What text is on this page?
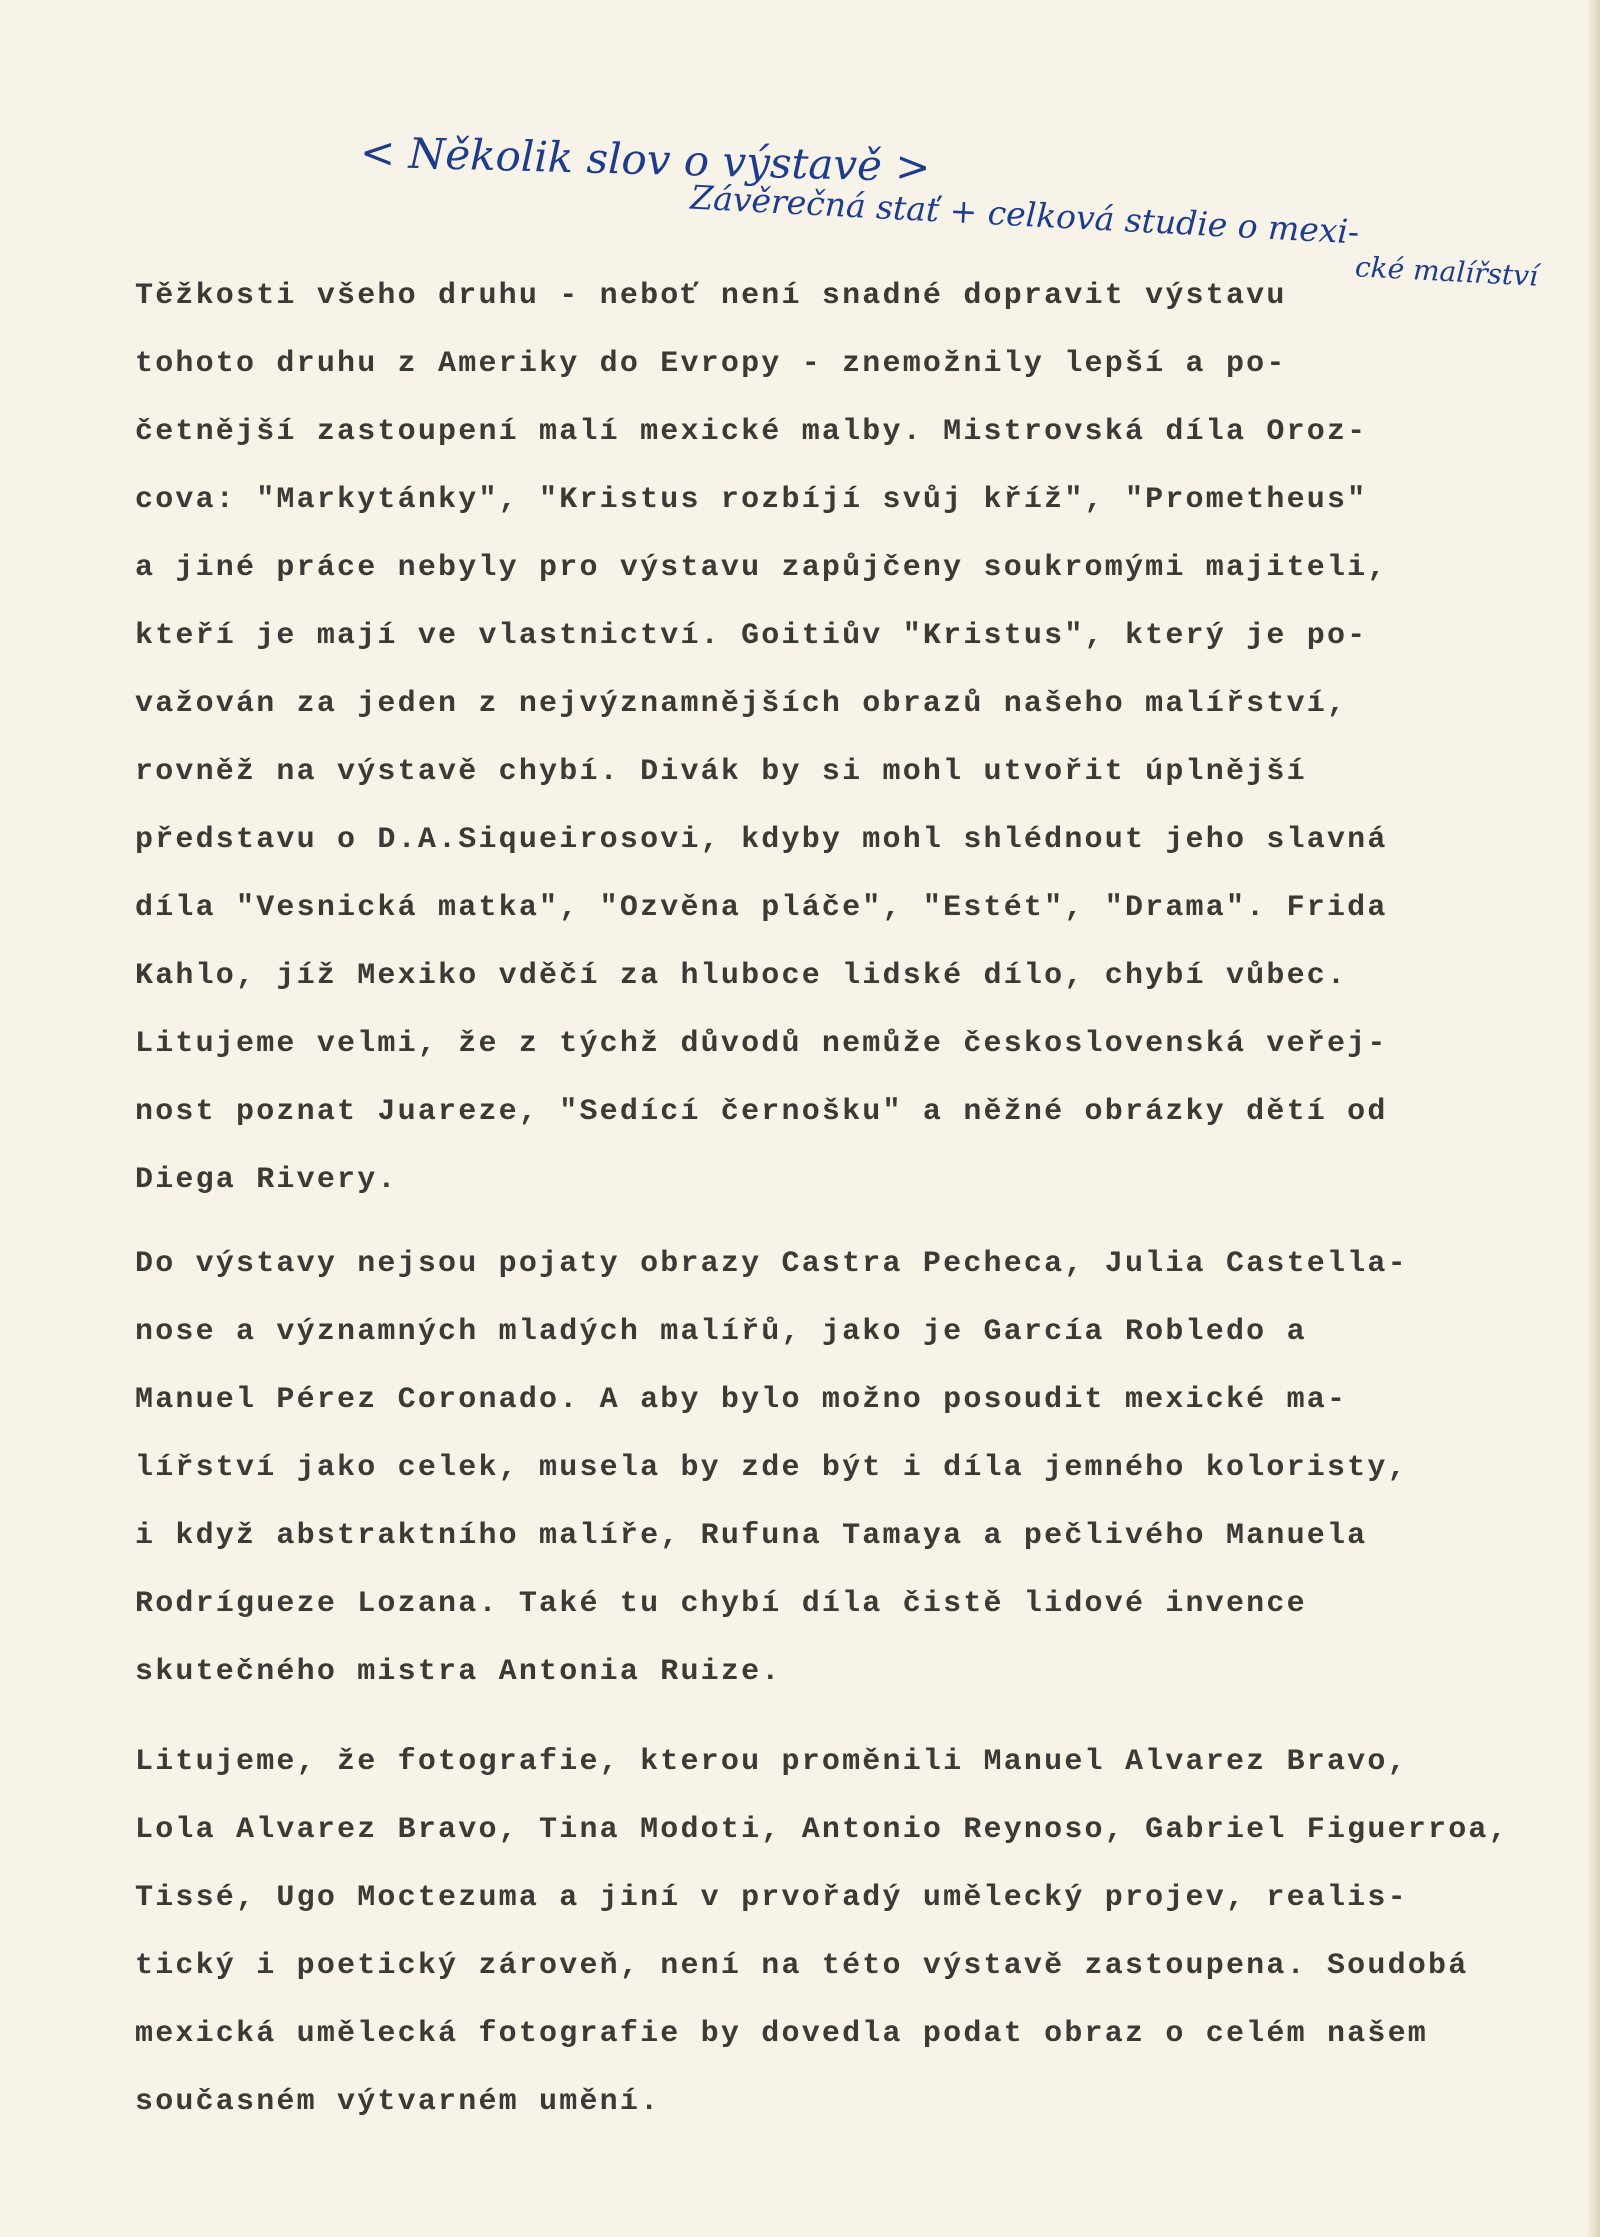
< Několik slov o výstavě >
Závěrečná stať + celková studie o mexi-
cké malířství
Těžkosti všeho druhu - neboť není snadné dopravit výstavu
tohoto druhu z Ameriky do Evropy - znemožnily lepší a po-
četnější zastoupení malí mexické malby. Mistrovská díla Oroz-
cova: "Markytánky", "Kristus rozbíjí svůj kříž", "Prometheus"
a jiné práce nebyly pro výstavu zapůjčeny soukromými majiteli,
kteří je mají ve vlastnictví. Goitiův "Kristus", který je po-
važován za jeden z nejvýznamnějších obrazů našeho malířství,
rovněž na výstavě chybí. Divák by si mohl utvořit úplnější
představu o D.A.Siqueirosovi, kdyby mohl shlédnout jeho slavná
díla "Vesnická matka", "Ozvěna pláče", "Estét", "Drama". Frida
Kahlo, jíž Mexiko vděčí za hluboce lidské dílo, chybí vůbec.
Litujeme velmi, že z týchž důvodů nemůže československá veřej-
nost poznat Juareze, "Sedící černošku" a něžné obrázky dětí od
Diega Rivery.
Do výstavy nejsou pojaty obrazy Castra Pecheca, Julia Castella-
nose a významných mladých malířů, jako je García Robledo a
Manuel Pérez Coronado. A aby bylo možno posoudit mexické ma-
lířství jako celek, musela by zde být i díla jemného koloristy,
i když abstraktního malíře, Rufuna Tamaya a pečlivého Manuela
Rodrígueze Lozana. Také tu chybí díla čistě lidové invence
skutečného mistra Antonia Ruize.
Litujeme, že fotografie, kterou proměnili Manuel Alvarez Bravo,
Lola Alvarez Bravo, Tina Modoti, Antonio Reynoso, Gabriel Figuerroa,
Tissé, Ugo Moctezuma a jiní v prvořadý umělecký projev, realis-
tický i poetický zároveň, není na této výstavě zastoupena. Soudobá
mexická umělecká fotografie by dovedla podat obraz o celém našem
současném výtvarném umění.
